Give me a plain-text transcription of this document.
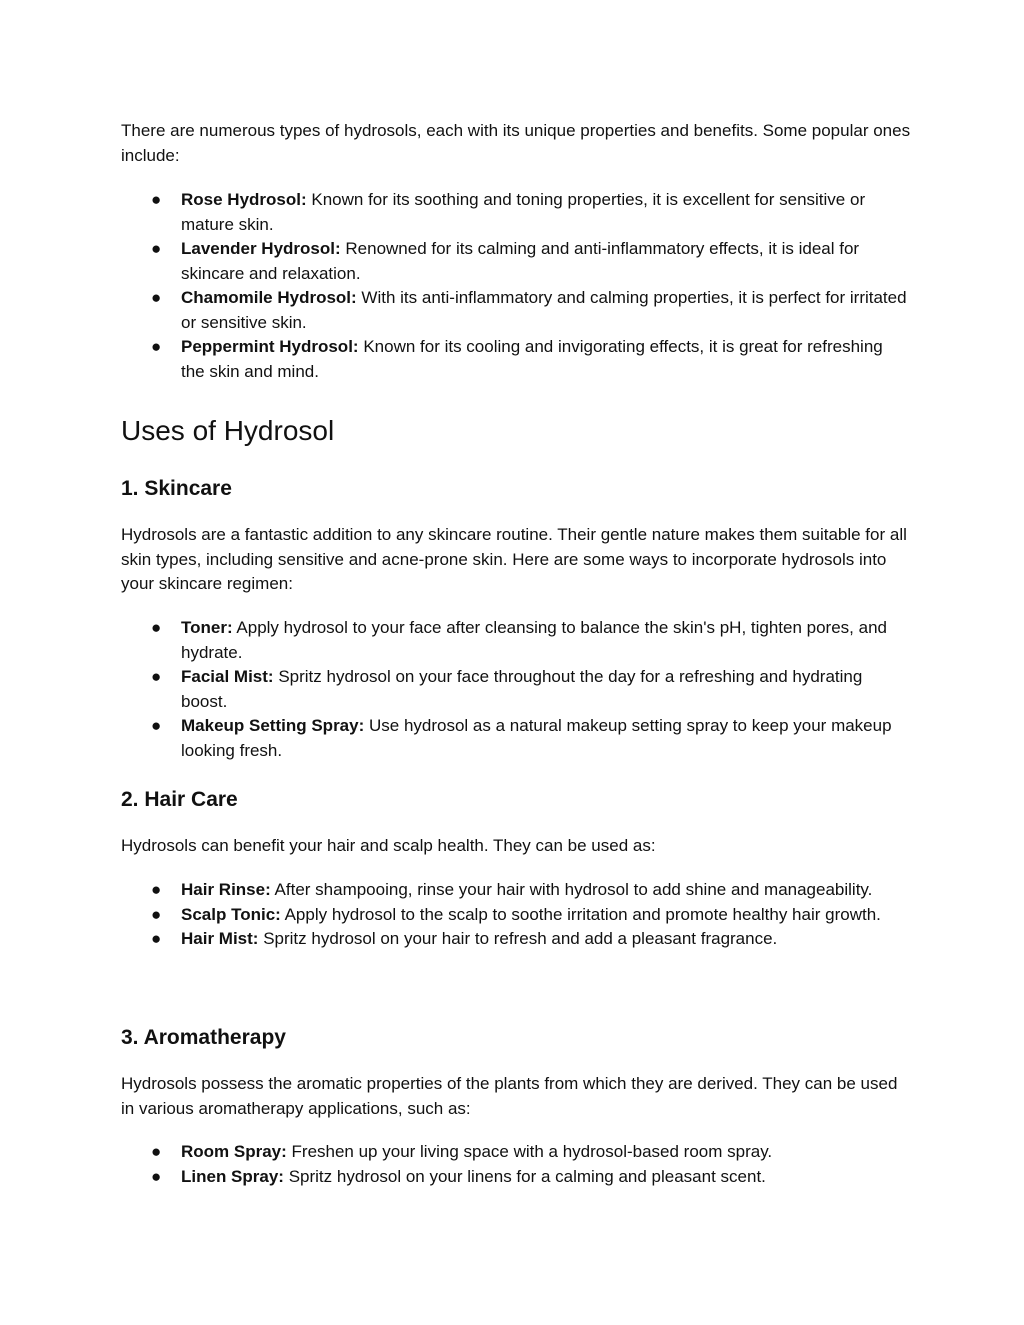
There are numerous types of hydrosols, each with its unique properties and benefits. Some popular ones include:

● Rose Hydrosol: Known for its soothing and toning properties, it is excellent for sensitive or mature skin.
● Lavender Hydrosol: Renowned for its calming and anti-inflammatory effects, it is ideal for skincare and relaxation.
● Chamomile Hydrosol: With its anti-inflammatory and calming properties, it is perfect for irritated or sensitive skin.
● Peppermint Hydrosol: Known for its cooling and invigorating effects, it is great for refreshing the skin and mind.
Uses of Hydrosol
1. Skincare

Hydrosols are a fantastic addition to any skincare routine. Their gentle nature makes them suitable for all skin types, including sensitive and acne-prone skin. Here are some ways to incorporate hydrosols into your skincare regimen:

● Toner: Apply hydrosol to your face after cleansing to balance the skin's pH, tighten pores, and hydrate.
● Facial Mist: Spritz hydrosol on your face throughout the day for a refreshing and hydrating boost.
● Makeup Setting Spray: Use hydrosol as a natural makeup setting spray to keep your makeup looking fresh.
2. Hair Care

Hydrosols can benefit your hair and scalp health. They can be used as:

● Hair Rinse: After shampooing, rinse your hair with hydrosol to add shine and manageability.
● Scalp Tonic: Apply hydrosol to the scalp to soothe irritation and promote healthy hair growth.
● Hair Mist: Spritz hydrosol on your hair to refresh and add a pleasant fragrance.
3. Aromatherapy

Hydrosols possess the aromatic properties of the plants from which they are derived. They can be used in various aromatherapy applications, such as:

● Room Spray: Freshen up your living space with a hydrosol-based room spray.
● Linen Spray: Spritz hydrosol on your linens for a calming and pleasant scent.
